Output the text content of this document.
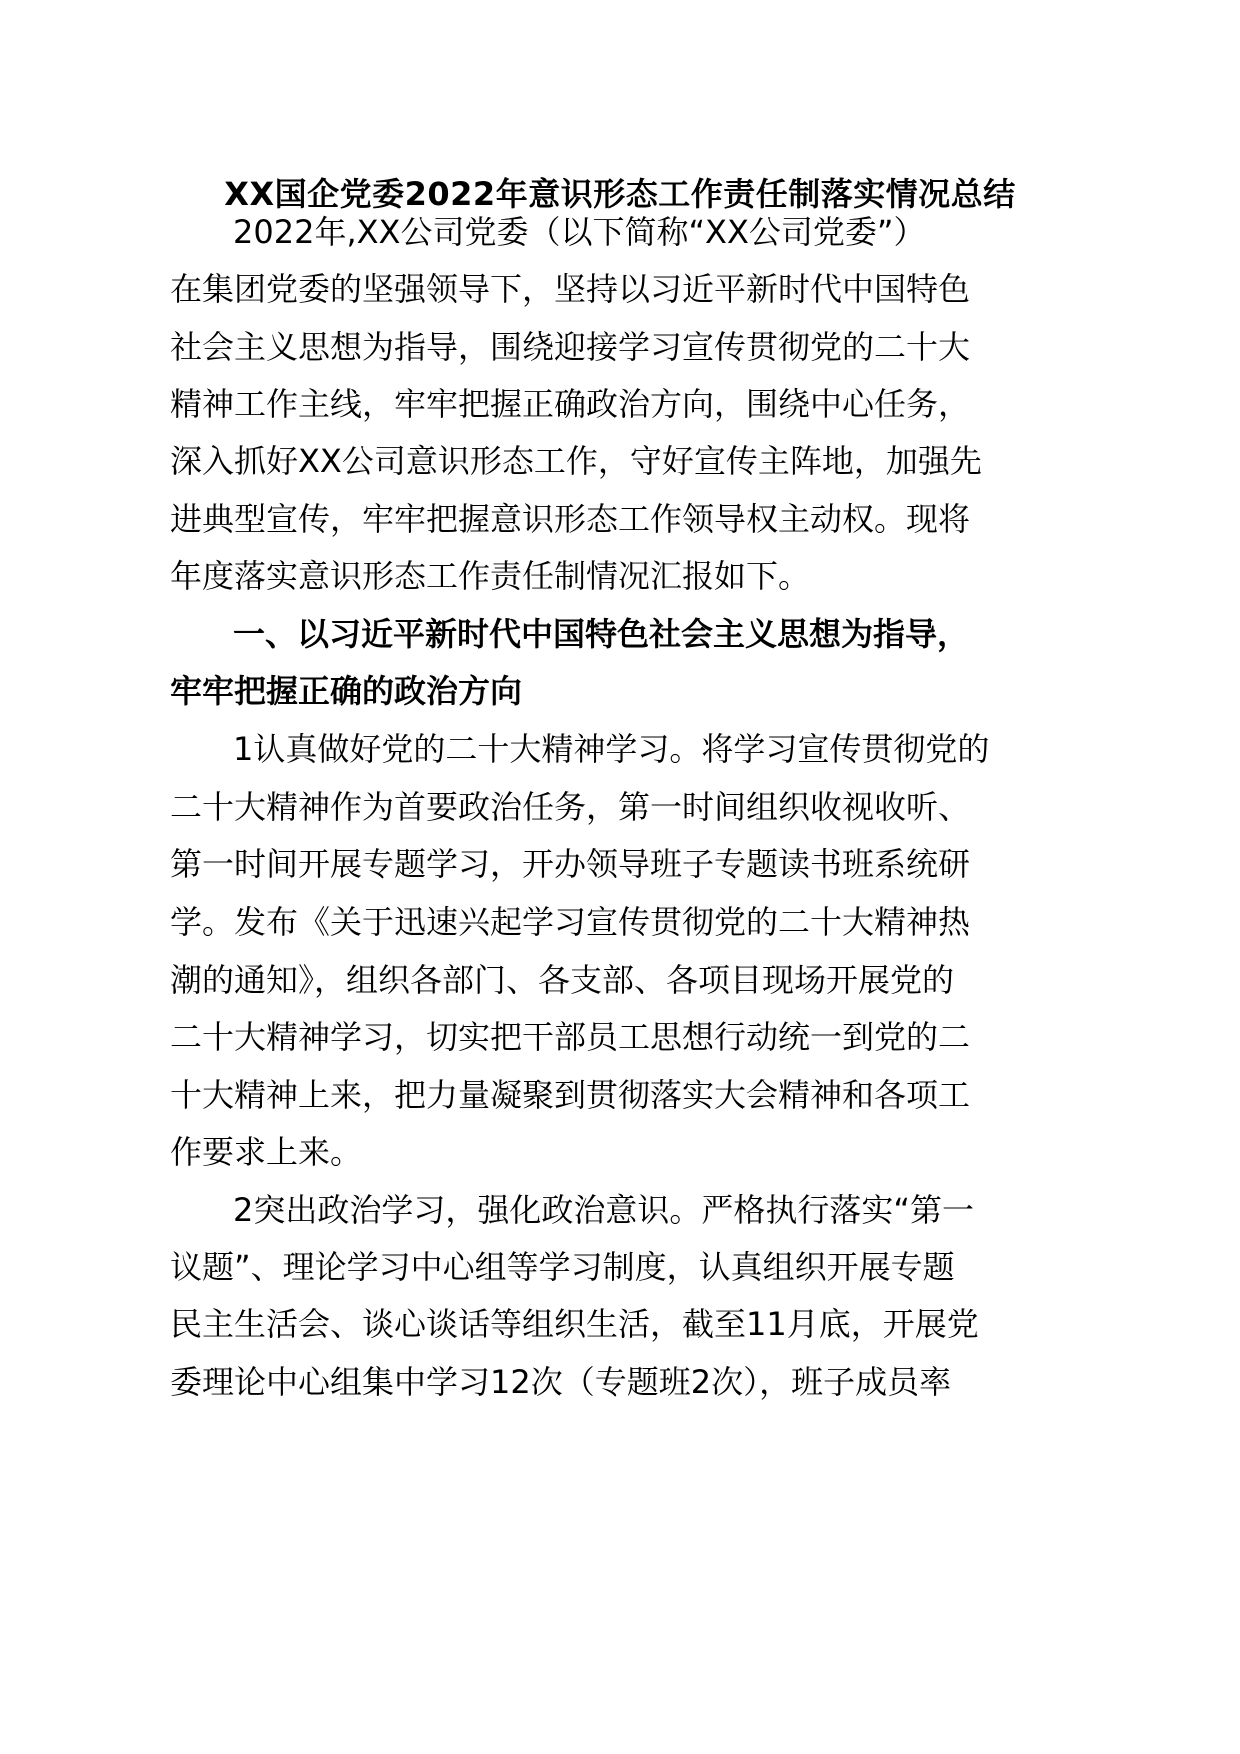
XX国企党委2022年意识形态工作责任制落实情况总结
2022年,XX公司党委（以下简称“XX公司党委”）
在集团党委的坚强领导下，坚持以习近平新时代中国特色
社会主义思想为指导，围绕迎接学习宣传贯彻党的二十大
精神工作主线，牢牢把握正确政治方向，围绕中心任务，
深入抓好XX公司意识形态工作，守好宣传主阵地，加强先
进典型宣传，牢牢把握意识形态工作领导权主动权。现将
年度落实意识形态工作责任制情况汇报如下。
一、以习近平新时代中国特色社会主义思想为指导，
牢牢把握正确的政治方向
1认真做好党的二十大精神学习。将学习宣传贯彻党的
二十大精神作为首要政治任务，第一时间组织收视收听、
第一时间开展专题学习，开办领导班子专题读书班系统研
学。发布《关于迅速兴起学习宣传贯彻党的二十大精神热
潮的通知》，组织各部门、各支部、各项目现场开展党的
二十大精神学习，切实把干部员工思想行动统一到党的二
十大精神上来，把力量凝聚到贯彻落实大会精神和各项工
作要求上来。
2突出政治学习，强化政治意识。严格执行落实“第一
议题”、理论学习中心组等学习制度，认真组织开展专题
民主生活会、谈心谈话等组织生活，截至11月底，开展党
委理论中心组集中学习12次（专题班2次），班子成员率
